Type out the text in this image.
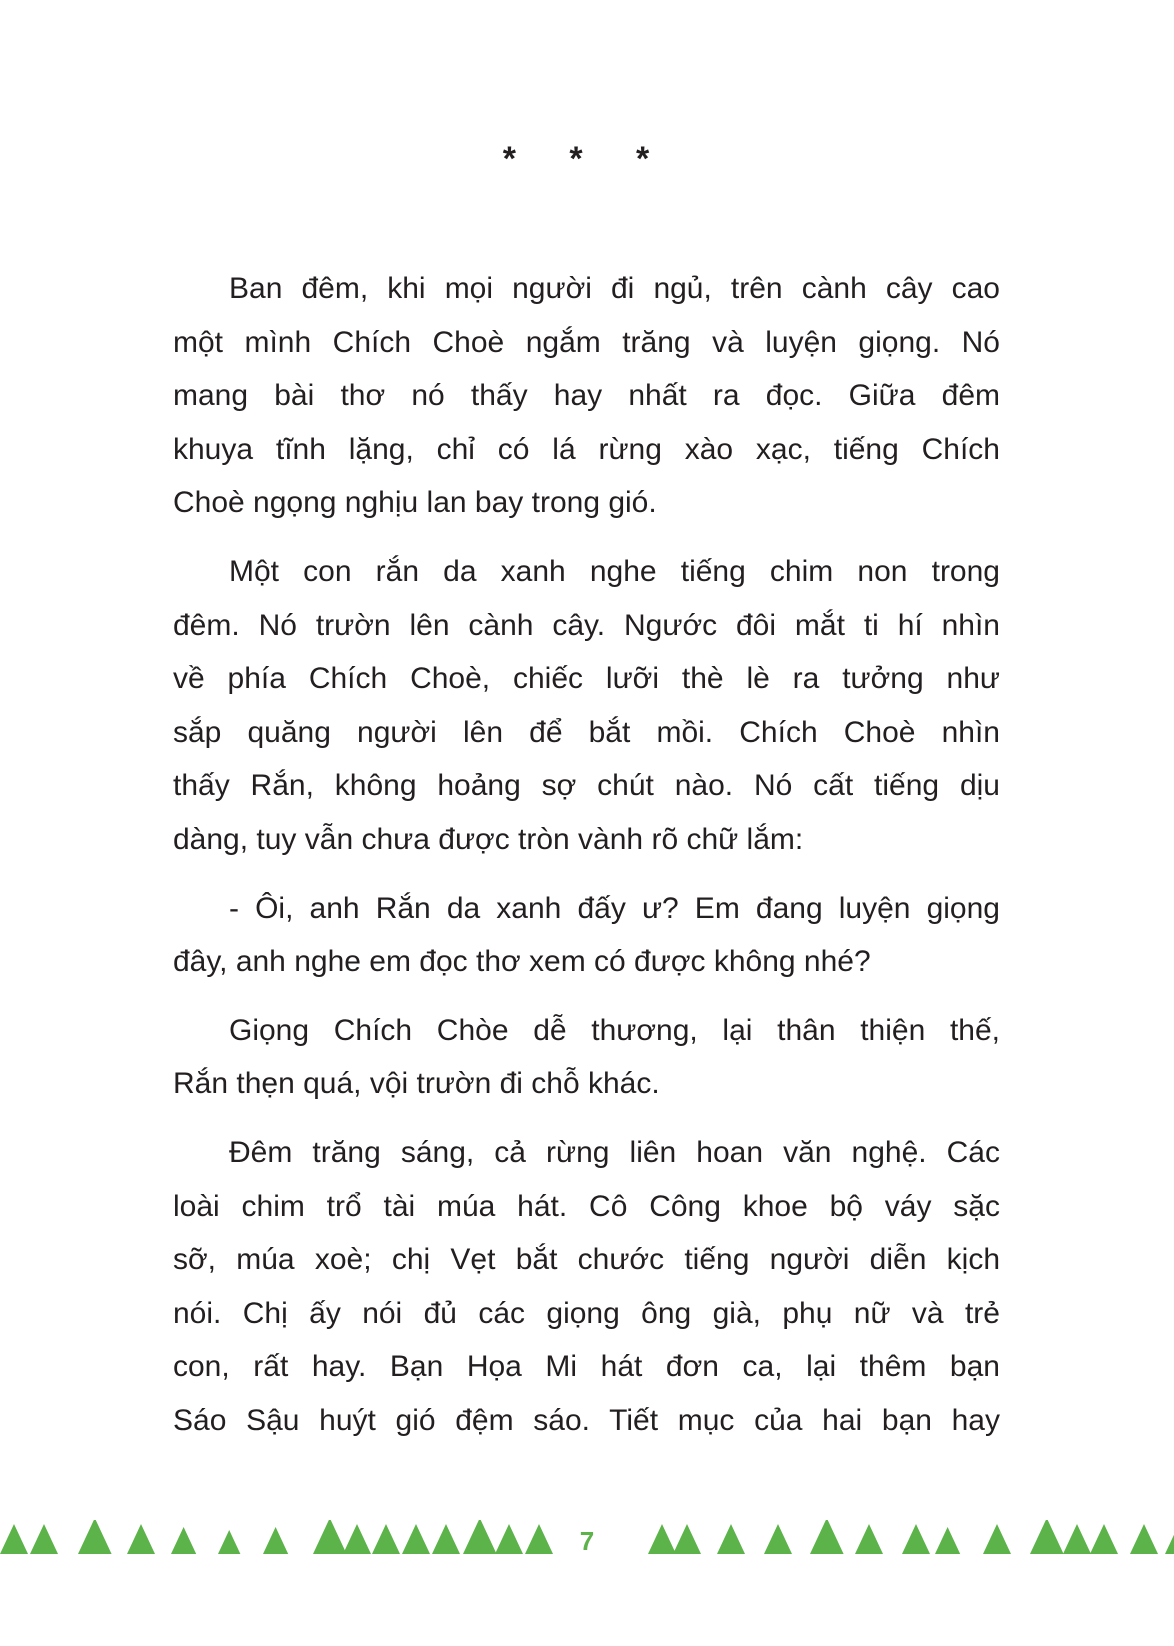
* * *

Ban đêm, khi mọi người đi ngủ, trên cành cây cao
một mình Chích Choè ngắm trăng và luyện giọng. Nó
mang bài thơ nó thấy hay nhất ra đọc. Giữa đêm
khuya tĩnh lặng, chỉ có lá rừng xào xạc, tiếng Chích
Choè ngọng nghịu lan bay trong gió.

Một con rắn da xanh nghe tiếng chim non trong
đêm. Nó trườn lên cành cây. Ngước đôi mắt ti hí nhìn
về phía Chích Choè, chiếc lưỡi thè lè ra tưởng như
sắp quăng người lên để bắt mồi. Chích Choè nhìn
thấy Rắn, không hoảng sợ chút nào. Nó cất tiếng dịu
dàng, tuy vẫn chưa được tròn vành rõ chữ lắm:

- Ôi, anh Rắn da xanh đấy ư? Em đang luyện giọng
đây, anh nghe em đọc thơ xem có được không nhé?

Giọng Chích Chòe dễ thương, lại thân thiện thế,
Rắn thẹn quá, vội trườn đi chỗ khác.

Đêm trăng sáng, cả rừng liên hoan văn nghệ. Các
loài chim trổ tài múa hát. Cô Công khoe bộ váy sặc
sỡ, múa xoè; chị Vẹt bắt chước tiếng người diễn kịch
nói. Chị ấy nói đủ các giọng ông già, phụ nữ và trẻ
con, rất hay. Bạn Họa Mi hát đơn ca, lại thêm bạn
Sáo Sậu huýt gió đệm sáo. Tiết mục của hai bạn hay

7
